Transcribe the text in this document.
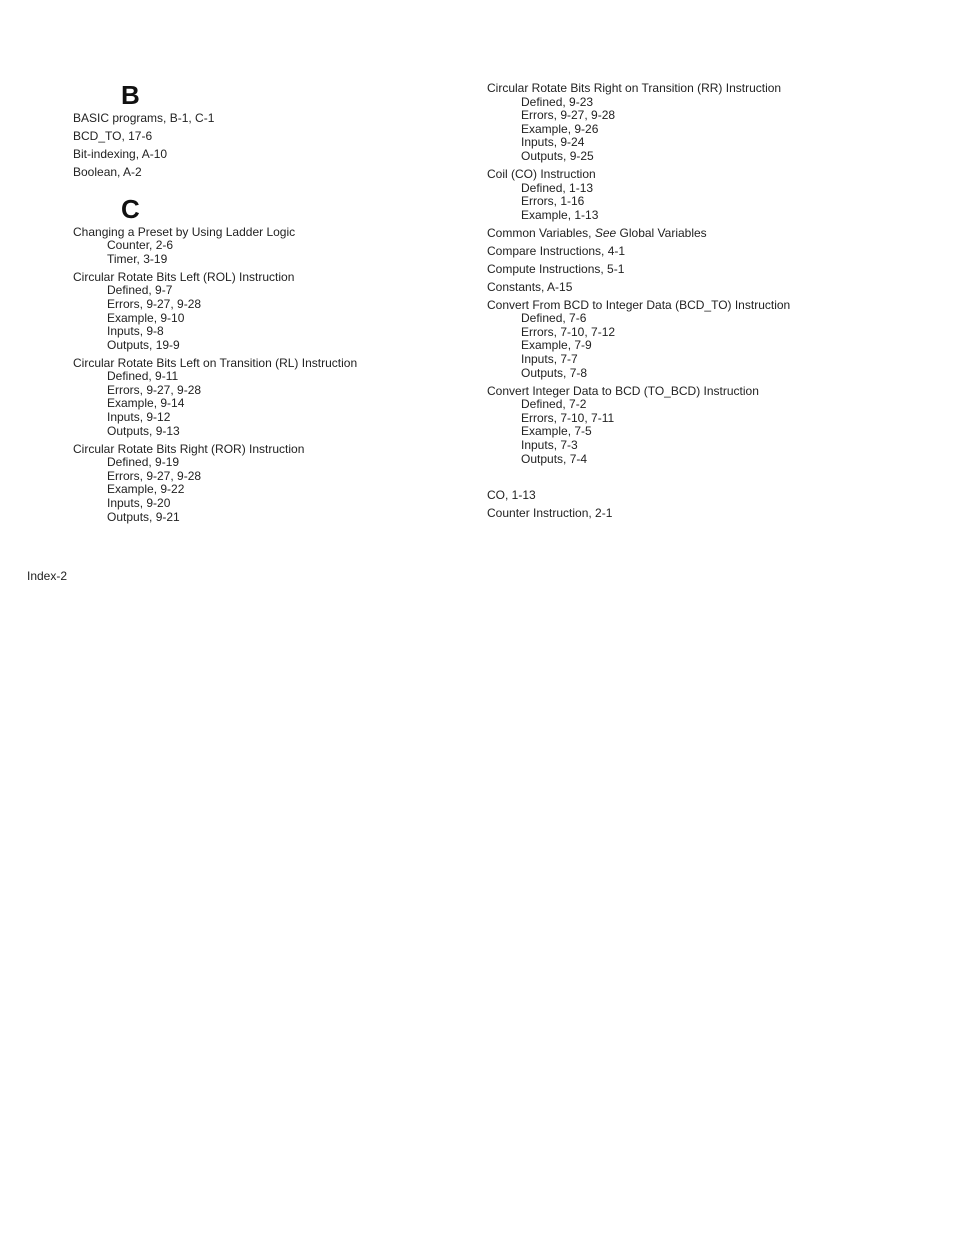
B
BASIC programs, B-1, C-1
BCD_TO, 17-6
Bit-indexing, A-10
Boolean, A-2
C
Changing a Preset by Using Ladder Logic
Counter, 2-6
Timer, 3-19
Circular Rotate Bits Left (ROL) Instruction
Defined, 9-7
Errors, 9-27, 9-28
Example, 9-10
Inputs, 9-8
Outputs, 19-9
Circular Rotate Bits Left on Transition (RL) Instruction
Defined, 9-11
Errors, 9-27, 9-28
Example, 9-14
Inputs, 9-12
Outputs, 9-13
Circular Rotate Bits Right (ROR) Instruction
Defined, 9-19
Errors, 9-27, 9-28
Example, 9-22
Inputs, 9-20
Outputs, 9-21
Circular Rotate Bits Right on Transition (RR) Instruction
Defined, 9-23
Errors, 9-27, 9-28
Example, 9-26
Inputs, 9-24
Outputs, 9-25
Coil (CO) Instruction
Defined, 1-13
Errors, 1-16
Example, 1-13
Common Variables, See Global Variables
Compare Instructions, 4-1
Compute Instructions, 5-1
Constants, A-15
Convert From BCD to Integer Data (BCD_TO) Instruction
Defined, 7-6
Errors, 7-10, 7-12
Example, 7-9
Inputs, 7-7
Outputs, 7-8
Convert Integer Data to BCD (TO_BCD) Instruction
Defined, 7-2
Errors, 7-10, 7-11
Example, 7-5
Inputs, 7-3
Outputs, 7-4
CO, 1-13
Counter Instruction, 2-1
Index-2
